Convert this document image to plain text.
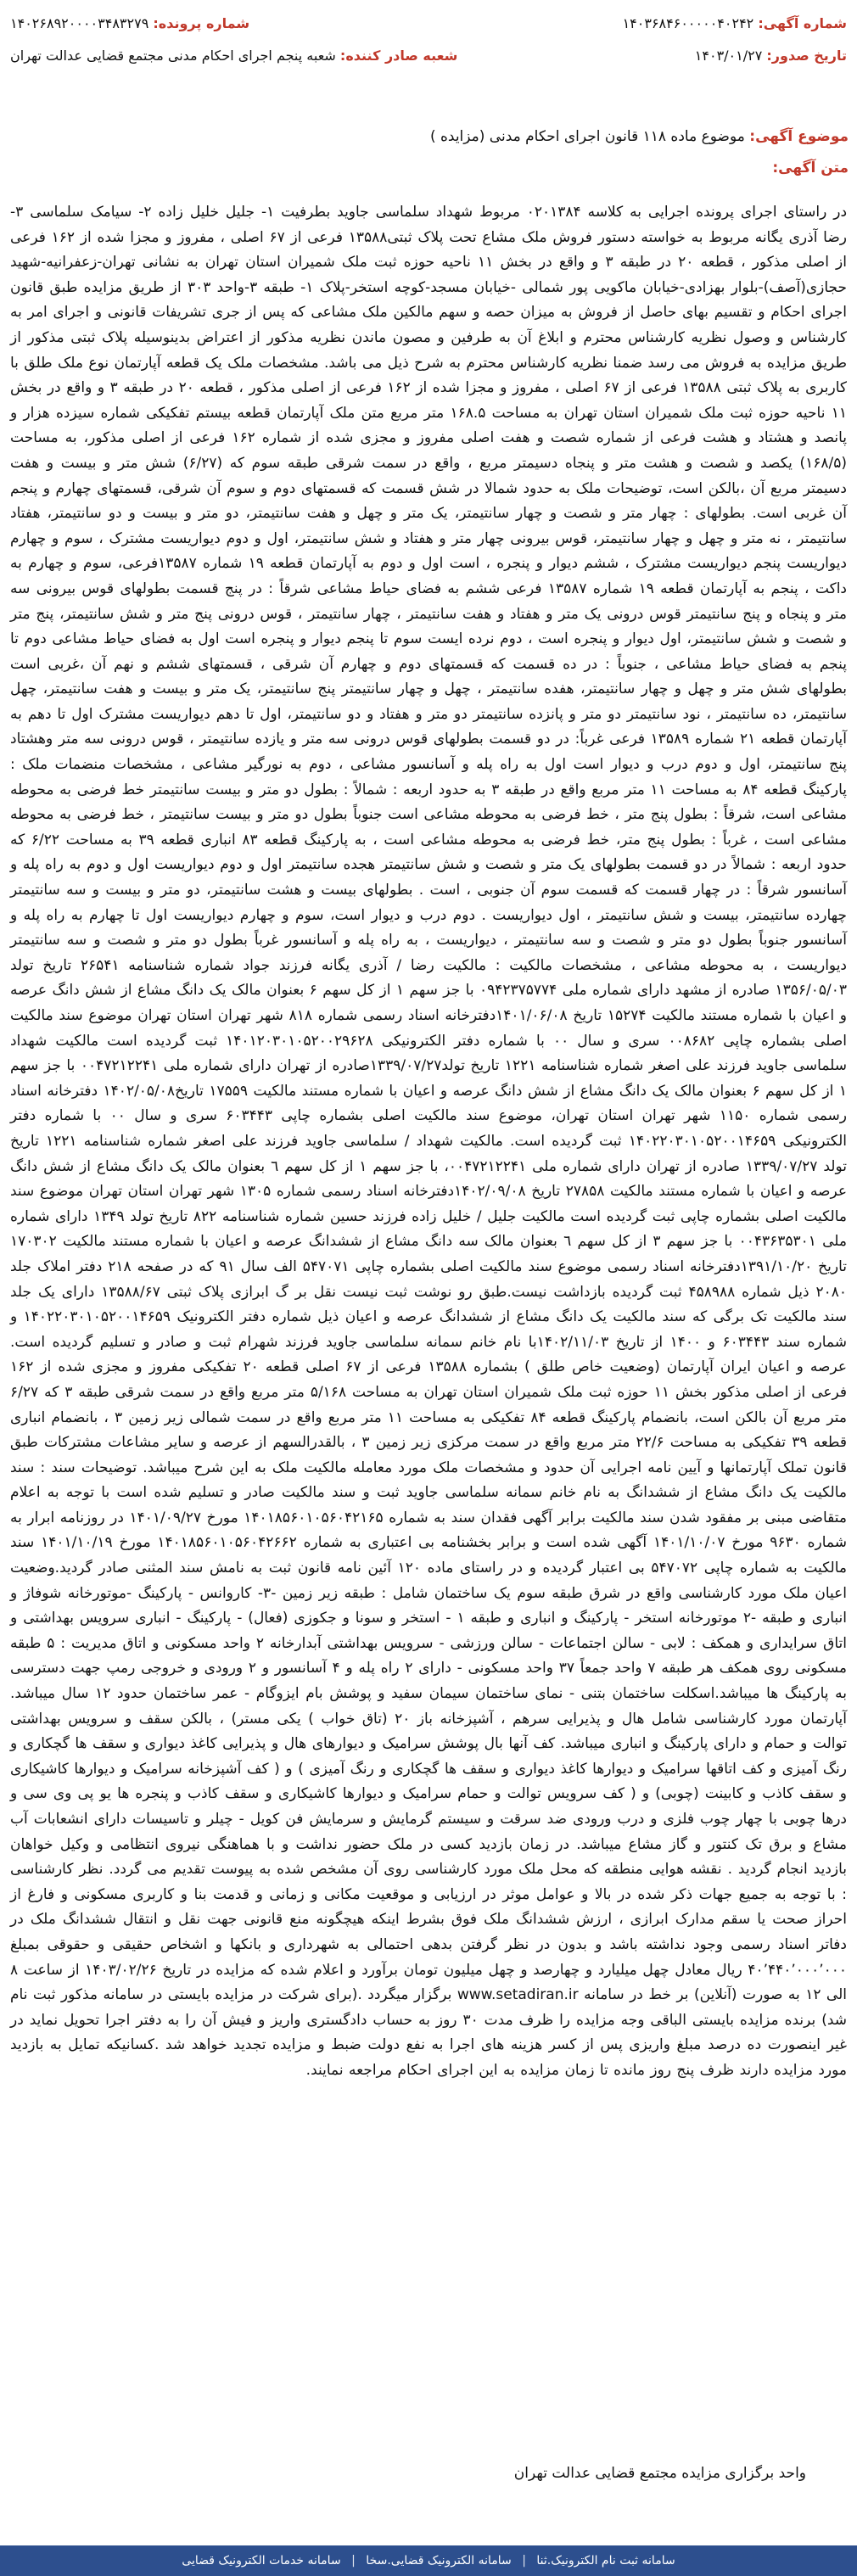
شماره آگهی: ۱۴۰۳۶۸۴۶۰۰۰۰۰۴۰۲۴۲
شماره پرونده: ۱۴۰۲۶۸۹۲۰۰۰۰۳۴۸۳۲۷۹
تاریخ صدور: ۱۴۰۳/۰۱/۲۷
شعبه صادر کننده: شعبه پنجم اجرای احکام مدنی مجتمع قضایی عدالت تهران
موضوع آگهی: موضوع ماده ۱۱۸ قانون اجرای احکام مدنی (مزایده )
متن آگهی:
در راستای اجرای پرونده اجرایی به کلاسه ۰۲۰۱۳۸۴ مربوط شهداد سلماسی جاوید بطرفیت ۱- جلیل خلیل زاده ۲- سیامک سلماسی ۳- رضا آذری یگانه مربوط به خواسته دستور فروش ملک مشاع تحت پلاک ثبتی۱۳۵۸۸ فرعی از ۶۷ اصلی ، مفروز و مجزا شده از ۱۶۲ فرعی از اصلی مذکور ، قطعه ۲۰ در طبقه ۳ و واقع در بخش ۱۱ ناحیه حوزه ثبت ملک شمیران استان تهران به نشانی تهران-زعفرانیه-شهید حجازی(آصف)-بلوار بهزادی-خیابان ماکویی پور شمالی -خیابان مسجد-کوچه استخر-پلاک ۱- طبقه ۳-واحد ۳۰۳ از طریق مزایده طبق قانون اجرای احکام و تقسیم بهای حاصل از فروش به میزان حصه و سهم مالکین ملک مشاعی که پس از جری تشریفات قانونی و اجرای امر به کارشناس و وصول نظریه کارشناس محترم و ابلاغ آن به طرفین و مصون ماندن نظریه مذکور از اعتراض بدینوسیله پلاک ثبتی مذکور از طریق مزایده به فروش می رسد ضمنا نظریه کارشناس محترم به شرح ذیل می باشد. مشخصات ملک یک قطعه آپارتمان نوع ملک طلق با کاربری به پلاک ثبتی ۱۳۵۸۸ فرعی از ۶۷ اصلی ، مفروز و مجزا شده از ۱۶۲ فرعی از اصلی مذکور ، قطعه ۲۰ در طبقه ۳ و واقع در بخش ۱۱ ناحیه حوزه ثبت ملک شمیران استان تهران به مساحت ۱۶۸.۵ متر مربع متن ملک آپارتمان قطعه بیستم تفکیکی شماره سیزده هزار و پانصد و هشتاد و هشت فرعی از شماره شصت و هفت اصلی مفروز و مجزی شده از شماره ۱۶۲ فرعی از اصلی مذکور، به مساحت (۱۶۸/۵) یکصد و شصت و هشت متر و پنجاه دسیمتر مربع ، واقع در سمت شرقی طبقه سوم که (۶/۲۷) شش متر و بیست و هفت دسیمتر مربع آن ،بالکن است، توضیحات ملک به حدود شمالا در شش قسمت که قسمتهای دوم و سوم آن شرقی، قسمتهای چهارم و پنجم آن غربی است. بطولهای : چهار متر و شصت و چهار سانتیمتر، یک متر و چهل و هفت سانتیمتر، دو متر و بیست و دو سانتیمتر، هفتاد سانتیمتر ، نه متر و چهل و چهار سانتیمتر، قوس بیرونی چهار متر و هفتاد و شش سانتیمتر، اول و دوم دیواریست مشترک ، سوم و چهارم دیواریست پنجم دیواریست مشترک ، ششم دیوار و پنجره ، است اول و دوم به آپارتمان قطعه ۱۹ شماره ۱۳۵۸۷فرعی، سوم و چهارم به داکت ، پنجم به آپارتمان قطعه ۱۹ شماره ۱۳۵۸۷ فرعی ششم به فضای حیاط مشاعی شرقاً : در پنج قسمت بطولهای قوس بیرونی سه متر و پنجاه و پنج سانتیمتر قوس درونی یک متر و هفتاد و هفت سانتیمتر ، چهار سانتیمتر ، قوس درونی پنج متر و شش سانتیمتر، پنج متر و شصت و شش سانتیمتر، اول دیوار و پنجره است ، دوم نرده ایست سوم تا پنجم دیوار و پنجره است اول به فضای حیاط مشاعی دوم تا پنجم به فضای حیاط مشاعی ، جنوباً : در ده قسمت که قسمتهای دوم و چهارم آن شرقی ، قسمتهای ششم و نهم آن ،غربی است بطولهای شش متر و چهل و چهار سانتیمتر، هفده سانتیمتر ، چهل و چهار سانتیمتر پنج سانتیمتر، یک متر و بیست و هفت سانتیمتر، چهل سانتیمتر، ده سانتیمتر ، نود سانتیمتر دو متر و پانزده سانتیمتر دو متر و هفتاد و دو سانتیمتر، اول تا دهم دیواریست مشترک اول تا دهم به آپارتمان قطعه ۲۱ شماره ۱۳۵۸۹ فرعی غرباً: در دو قسمت بطولهای قوس درونی سه متر و یازده سانتیمتر ، قوس درونی سه متر وهشتاد پنج سانتیمتر، اول و دوم درب و دیوار است اول به راه پله و آسانسور مشاعی ، دوم به نورگیر مشاعی ، مشخصات منضمات ملک : پارکینگ قطعه ۸۴ به مساحت ۱۱ متر مربع واقع در طبقه ۳ به حدود اربعه : شمالاً : بطول دو متر و بیست سانتیمتر خط فرضی به محوطه مشاعی است، شرقاً : بطول پنج متر ، خط فرضی به محوطه مشاعی است جنوباً بطول دو متر و بیست سانتیمتر ، خط فرضی به محوطه مشاعی است ، غرباً : بطول پنج متر، خط فرضی به محوطه مشاعی است ، به پارکینگ قطعه ۸۳ انباری قطعه ۳۹ به مساحت ۶/۲۲ که حدود اربعه : شمالاً در دو قسمت بطولهای یک متر و شصت و شش سانتیمتر هجده سانتیمتر اول و دوم دیواریست اول و دوم به راه پله و آسانسور شرقاً : در چهار قسمت که قسمت سوم آن جنوبی ، است . بطولهای بیست و هشت سانتیمتر، دو متر و بیست و سه سانتیمتر چهارده سانتیمتر، بیست و شش سانتیمتر ، اول دیواریست . دوم درب و دیوار است، سوم و چهارم دیواریست اول تا چهارم به راه پله و آسانسور جنوباً بطول دو متر و شصت و سه سانتیمتر ، دیواریست ، به راه پله و آسانسور غرباً بطول دو متر و شصت و سه سانتیمتر دیواریست ، به محوطه مشاعی ، مشخصات مالکیت : مالکیت رضا / آذری یگانه فرزند جواد شماره شناسنامه ۲۶۵۴۱ تاریخ تولد ۱۳۵۶/۰۵/۰۳ صادره از مشهد دارای شماره ملی ۰۹۴۲۳۷۵۷۷۴ با جز سهم ۱ از کل سهم ۶ بعنوان مالک یک دانگ مشاع از شش دانگ عرصه و اعیان با شماره مستند مالکیت ۱۵۲۷۴ تاریخ ۱۴۰۱/۰۶/۰۸دفترخانه اسناد رسمی شماره ۸۱۸ شهر تهران استان تهران موضوع سند مالکیت اصلی بشماره چاپی ۰۰۸۶۸۲ سری و سال ۰۰ با شماره دفتر الکترونیکی ۱۴۰۱۲۰۳۰۱۰۵۲۰۰۲۹۶۲۸ ثبت گردیده است مالکیت شهداد سلماسی جاوید فرزند علی اصغر شماره شناسنامه ۱۲۲۱ تاریخ تولد۱۳۳۹/۰۷/۲۷صادره از تهران دارای شماره ملی ۰۰۴۷۲۱۲۲۴۱ با جز سهم ۱ از کل سهم ۶ بعنوان مالک یک دانگ مشاع از شش دانگ عرصه و اعیان با شماره مستند مالکیت ۱۷۵۵۹ تاریخ۱۴۰۲/۰۵/۰۸ دفترخانه اسناد رسمی شماره ۱۱۵۰ شهر تهران استان تهران، موضوع سند مالکیت اصلی بشماره چاپی ۶۰۳۴۴۳ سری و سال ۰۰ با شماره دفتر الکترونیکی ۱۴۰۲۲۰۳۰۱۰۵۲۰۰۱۴۶۵۹ ثبت گردیده است. مالکیت شهداد / سلماسی جاوید فرزند علی اصغر شماره شناسنامه ۱۲۲۱ تاریخ تولد ۱۳۳۹/۰۷/۲۷ صادره از تهران دارای شماره ملی ۰۰۴۷۲۱۲۲۴۱، با جز سهم ۱ از کل سهم ٦ بعنوان مالک یک دانگ مشاع از شش دانگ عرصه و اعیان با شماره مستند مالکیت ۲۷۸۵۸ تاریخ ۱۴۰۲/۰۹/۰۸دفترخانه اسناد رسمی شماره ۱۳۰۵ شهر تهران استان تهران موضوع سند مالکیت اصلی بشماره چاپی ثبت گردیده است مالکیت جلیل / خلیل زاده فرزند حسین شماره شناسنامه ۸۲۲ تاریخ تولد ۱۳۴۹ دارای شماره ملی ۰۰۴۳۶۳۵۳۰۱ با جز سهم ۳ از کل سهم ٦ بعنوان مالک سه دانگ مشاع از ششدانگ عرصه و اعیان با شماره مستند مالکیت ۱۷۰۳۰۲ تاریخ ۱۳۹۱/۱۰/۲۰دفترخانه اسناد رسمی موضوع سند مالکیت اصلی بشماره چاپی ۵۴۷۰۷۱ الف سال ۹۱ که در صفحه ۲۱۸ دفتر املاک جلد ۲۰۸۰ ذیل شماره ۴۵۸۹۸۸ ثبت گردیده بازداشت نیست.طبق رو نوشت ثبت نیست نقل بر گ ابرازی پلاک ثبتی ۱۳۵۸۸/۶۷ دارای یک جلد سند مالکیت تک برگی که سند مالکیت یک دانگ مشاع از ششدانگ عرصه و اعیان ذیل شماره دفتر الکترونیک ۱۴۰۲۲۰۳۰۱۰۵۲۰۰۱۴۶۵۹ و شماره سند ۶۰۳۴۴۳ و ۱۴۰۰ از تاریخ ۱۴۰۲/۱۱/۰۳با نام خانم سمانه سلماسی جاوید فرزند شهرام ثبت و صادر و تسلیم گردیده است. عرصه و اعیان ایران آپارتمان (وضعیت خاص طلق ) بشماره ۱۳۵۸۸ فرعی از ۶۷ اصلی قطعه ۲۰ تفکیکی مفروز و مجزی شده از ۱۶۲ فرعی از اصلی مذکور بخش ۱۱ حوزه ثبت ملک شمیران استان تهران به مساحت ۵/۱۶۸ متر مربع واقع در سمت شرقی طبقه ۳ که ۶/۲۷ متر مربع آن بالکن است، بانضمام پارکینگ قطعه ۸۴ تفکیکی به مساحت ۱۱ متر مربع واقع در سمت شمالی زیر زمین ۳ ، بانضمام انباری قطعه ۳۹ تفکیکی به مساحت ۲۲/۶ متر مربع واقع در سمت مرکزی زیر زمین ۳ ، بالقدرالسهم از عرصه و سایر مشاعات مشترکات طبق قانون تملک آپارتمانها و آیین نامه اجرایی آن حدود و مشخصات ملک مورد معامله مالکیت ملک به این شرح میباشد. توضیحات سند : سند مالکیت یک دانگ مشاع از ششدانگ به نام خانم سمانه سلماسی جاوید ثبت و سند مالکیت صادر و تسلیم شده است با توجه به اعلام متقاضی مبنی بر مفقود شدن سند مالکیت برابر آگهی فقدان سند به شماره ۱۴۰۱۸۵۶۰۱۰۵۶۰۴۲۱۶۵ مورخ ۱۴۰۱/۰۹/۲۷ در روزنامه ابرار به شماره ۹۶۳۰ مورخ ۱۴۰۱/۱۰/۰۷ آگهی شده است و برابر بخشنامه بی اعتباری به شماره ۱۴۰۱۸۵۶۰۱۰۵۶۰۴۲۶۶۲ مورخ ۱۴۰۱/۱۰/۱۹ سند مالکیت به شماره چاپی ۵۴۷۰۷۲ بی اعتبار گردیده و در راستای ماده ۱۲۰ آئین نامه قانون ثبت به نامش سند المثنی صادر گردید.وضعیت اعیان ملک مورد کارشناسی واقع در شرق طبقه سوم یک ساختمان شامل : طبقه زیر زمین -۳- کاروانس - پارکینگ -موتورخانه شوفاژ و انباری و طبقه -۲ موتورخانه استخر - پارکینگ و انباری و طبقه ۱ - استخر و سونا و جکوزی (فعال) - پارکینگ - انباری سرویس بهداشتی و اتاق سرایداری و همکف : لابی - سالن اجتماعات - سالن ورزشی - سرویس بهداشتی آبدارخانه ۲ واحد مسکونی و اتاق مدیریت : ۵ طبقه مسکونی روی همکف هر طبقه ۷ واحد جمعاً ۳۷ واحد مسکونی - دارای ۲ راه پله و ۴ آسانسور و ۲ ورودی و خروجی رمپ جهت دسترسی به پارکینگ ها میباشد.اسکلت ساختمان بتنی - نمای ساختمان سیمان سفید و پوشش بام ایزوگام - عمر ساختمان حدود ۱۲ سال میباشد. آپارتمان مورد کارشناسی شامل هال و پذیرایی سرهم ، آشپزخانه باز ۲۰ (تاق خواب ) یکی مستر) ، بالکن سقف و سرویس بهداشتی توالت و حمام و دارای پارکینگ و انباری میباشد. کف آنها بال پوشش سرامیک و دیوارهای هال و پذیرایی کاغذ دیواری و سقف ها گچکاری و رنگ آمیزی و کف اتاقها سرامیک و دیوارها کاغذ دیواری و سقف ها گچکاری و رنگ آمیزی ) و ( کف آشپزخانه سرامیک و دیوارها کاشیکاری و سقف کاذب و کابینت (چوبی) و ( کف سرویس توالت و حمام سرامیک و دیوارها کاشیکاری و سقف کاذب و پنجره ها یو پی وی سی و درها چوبی با چهار چوب فلزی و درب ورودی ضد سرقت و سیستم گرمایش و سرمایش فن کویل - چیلر و تاسیسات دارای انشعابات آب مشاع و برق تک کنتور و گاز مشاع میباشد. در زمان بازدید کسی در ملک حضور نداشت و با هماهنگی نیروی انتظامی و وکیل خواهان بازدید انجام گردید . نقشه هوایی منطقه که محل ملک مورد کارشناسی روی آن مشخص شده به پیوست تقدیم می گردد. نظر کارشناسی : با توجه به جمیع جهات ذکر شده در بالا و عوامل موثر در ارزیابی و موقعیت مکانی و زمانی و قدمت بنا و کاربری مسکونی و فارغ از احراز صحت یا سقم مدارک ابرازی ، ارزش ششدانگ ملک فوق بشرط اینکه هیچگونه منع قانونی جهت نقل و انتقال ششدانگ ملک در دفاتر اسناد رسمی وجود نداشته باشد و بدون در نظر گرفتن بدهی احتمالی به شهرداری و بانکها و اشخاص حقیقی و حقوقی بمبلغ ۴۰٬۴۴۰٬۰۰۰٬۰۰۰ ریال معادل چهل میلیارد و چهارصد و چهل میلیون تومان برآورد و اعلام شده که مزایده در تاریخ ۱۴۰۳/۰۲/۲۶ از ساعت ۸ الی ۱۲ به صورت (آنلاین) بر خط در سامانه www.setadiran.ir برگزار میگردد .(برای شرکت در مزایده بایستی در سامانه مذکور ثبت نام شد) برنده مزایده بایستی الباقی وجه مزایده را ظرف مدت ۳۰ روز به حساب دادگستری واریز و فیش آن را به دفتر اجرا تحویل نماید در غیر اینصورت ده درصد مبلغ واریزی پس از کسر هزینه های اجرا به نفع دولت ضبط و مزایده تجدید خواهد شد .کسانیکه تمایل به بازدید مورد مزایده دارند ظرف پنج روز مانده تا زمان مزایده به این اجرای احکام مراجعه نمایند.
واحد برگزاری مزایده مجتمع قضایی عدالت تهران
سامانه ثبت نام الکترونیک.ثنا | سامانه الکترونیک قضایی.سخا | سامانه خدمات الکترونیک قضایی
